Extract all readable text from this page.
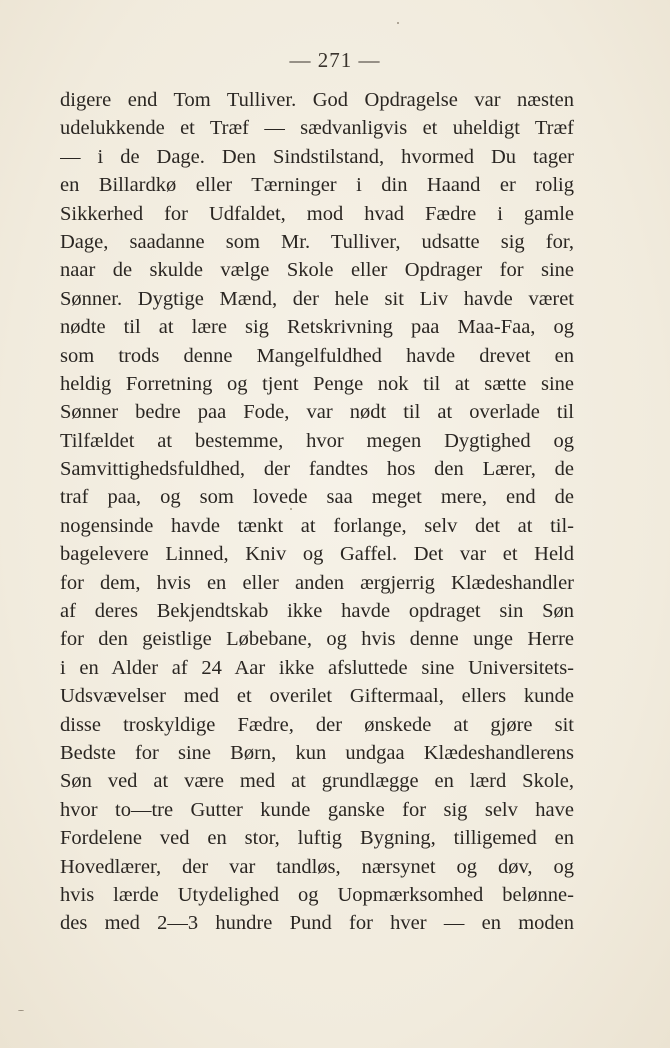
— 271 —
digere end Tom Tulliver. God Opdragelse var næsten
udelukkende et Træf — sædvanligvis et uheldigt Træf
— i de Dage. Den Sindstilstand, hvormed Du tager
en Billardkø eller Tærninger i din Haand er rolig
Sikkerhed for Udfaldet, mod hvad Fædre i gamle
Dage, saadanne som Mr. Tulliver, udsatte sig for,
naar de skulde vælge Skole eller Opdrager for sine
Sønner. Dygtige Mænd, der hele sit Liv havde været
nødte til at lære sig Retskrivning paa Maa-Faa, og
som trods denne Mangelfuldhed havde drevet en
heldig Forretning og tjent Penge nok til at sætte sine
Sønner bedre paa Fode, var nødt til at overlade til
Tilfældet at bestemme, hvor megen Dygtighed og
Samvittighedsfuldhed, der fandtes hos den Lærer, de
traf paa, og som lovede saa meget mere, end de
nogensinde havde tænkt at forlange, selv det at til-
bagelevere Linned, Kniv og Gaffel. Det var et Held
for dem, hvis en eller anden ærgjerrig Klædeshandler
af deres Bekjendtskab ikke havde opdraget sin Søn
for den geistlige Løbebane, og hvis denne unge Herre
i en Alder af 24 Aar ikke afsluttede sine Universitets-
Udsvævelser med et overilet Giftermaal, ellers kunde
disse troskyldige Fædre, der ønskede at gjøre sit
Bedste for sine Børn, kun undgaa Klædeshandlerens
Søn ved at være med at grundlægge en lærd Skole,
hvor to—tre Gutter kunde ganske for sig selv have
Fordelene ved en stor, luftig Bygning, tilligemed en
Hovedlærer, der var tandløs, nærsynet og døv, og
hvis lærde Utydelighed og Uopmærksomhed belønne-
des med 2—3 hundre Pund for hver — en moden
